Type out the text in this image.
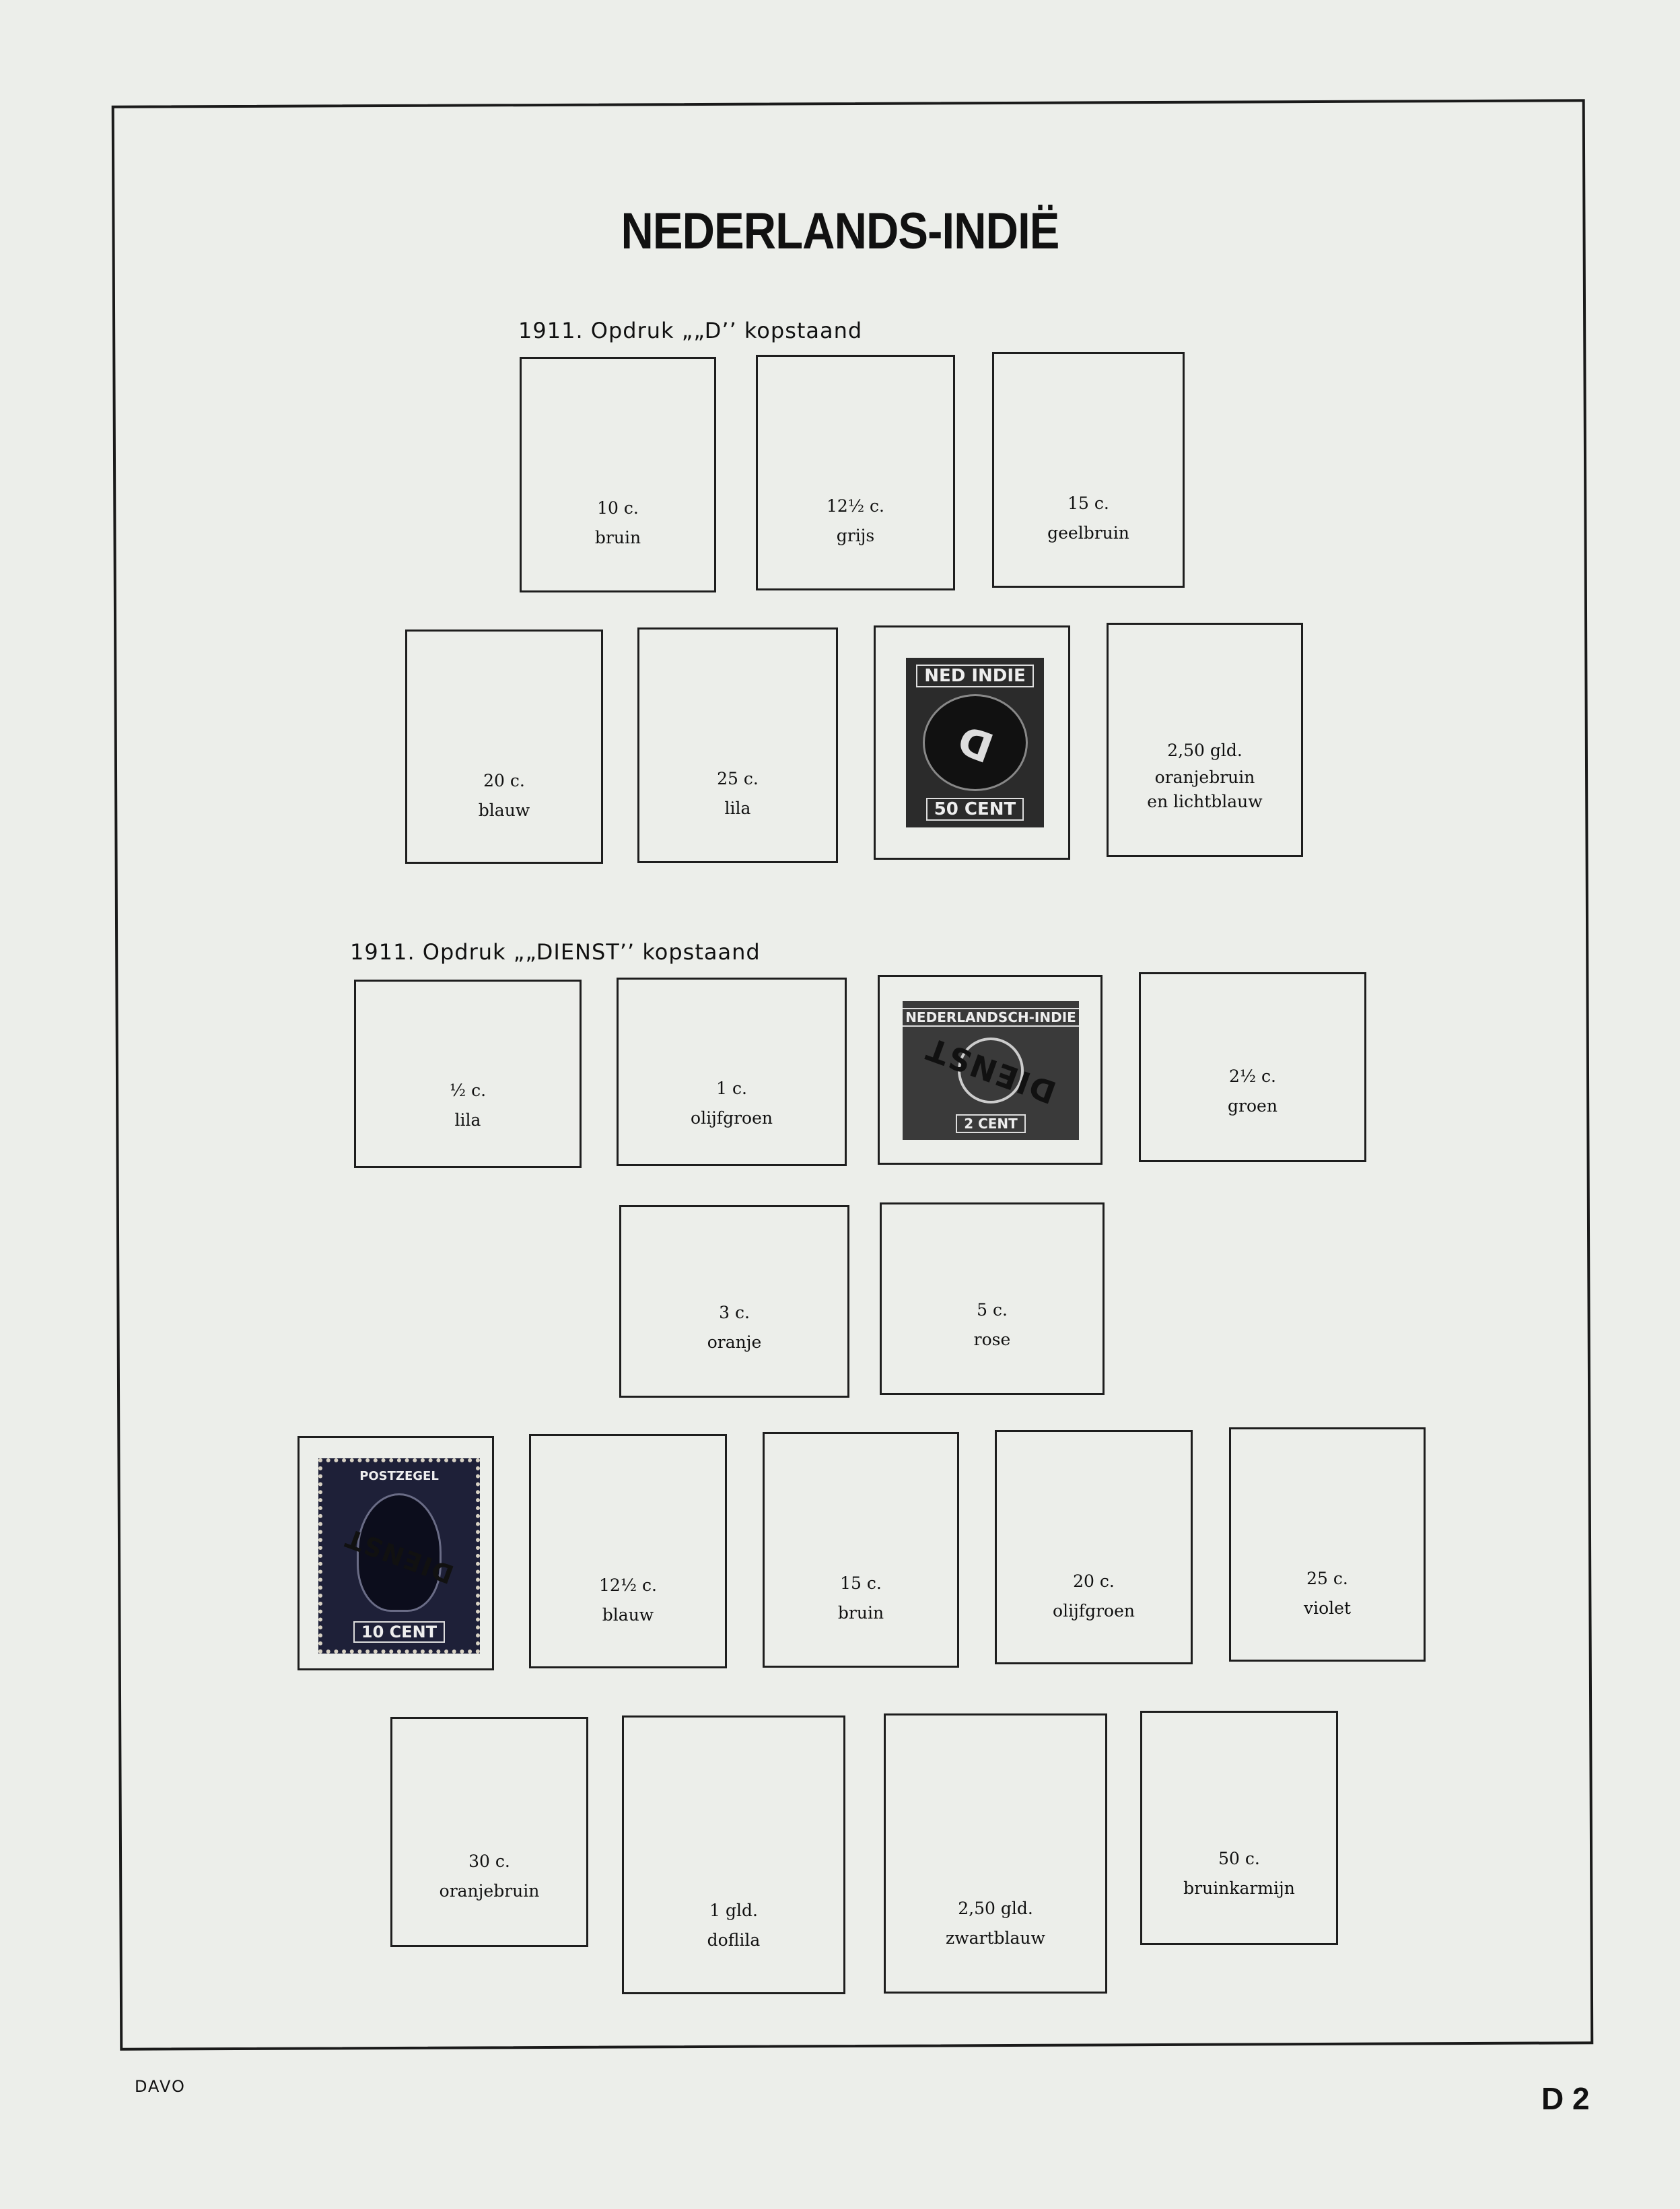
NEDERLANDS-INDIË
1911. Opdruk „„D’’ kopstaand
10 c.
bruin
12½ c.
grijs
15 c.
geelbruin
20 c.
blauw
25 c.
lila
NED INDIE
50 CENT
D	2,50 gld.
oranjebruin
en lichtblauw
1911. Opdruk „„DIENST’’ kopstaand
½ c.
lila
1 c.
olijfgroen
NEDERLANDSCH-INDIE
2 CENT
DIENST	2½ c.
groen
3 c.
oranje
5 c.
rose
POSTZEGEL
10 CENT
DIENST	12½ c.
blauw
15 c.
bruin
20 c.
olijfgroen
25 c.
violet
30 c.
oranjebruin
1 gld.
doflila
2,50 gld.
zwartblauw
50 c.
bruinkarmijn
DAVO	D 2
